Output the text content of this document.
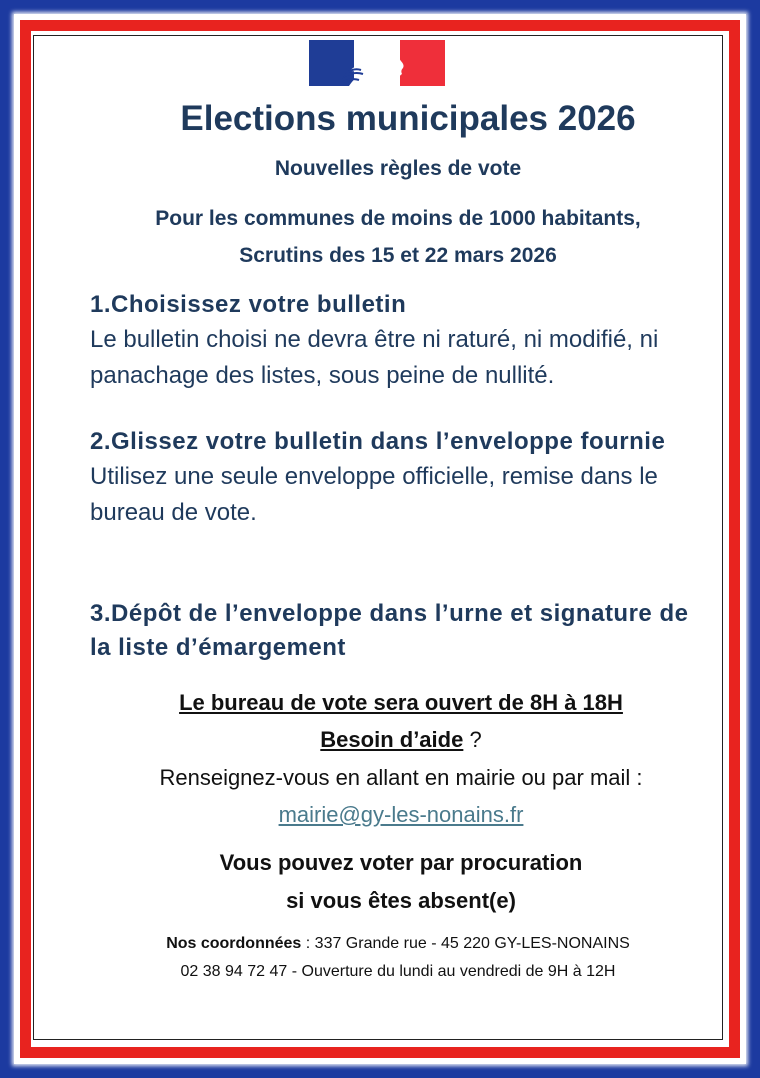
Elections municipales 2026
Nouvelles règles de vote
Pour les communes de moins de 1000 habitants,
Scrutins des 15 et 22 mars 2026
1.Choisissez votre bulletin

Le bulletin choisi ne devra être ni raturé, ni modifié, ni panachage des listes, sous peine de nullité.

2.Glissez votre bulletin dans l’enveloppe fournie

Utilisez une seule enveloppe officielle, remise dans le bureau de vote.

3.Dépôt de l’enveloppe dans l’urne et signature de la liste d’émargement
Le bureau de vote sera ouvert de 8H à 18H
Besoin d’aide ?
Renseignez-vous en allant en mairie ou par mail :
mairie@gy-les-nonains.fr
Vous pouvez voter par procuration
si vous êtes absent(e)
Nos coordonnées : 337 Grande rue - 45 220 GY-LES-NONAINS
02 38 94 72 47 - Ouverture du lundi au vendredi de 9H à 12H
